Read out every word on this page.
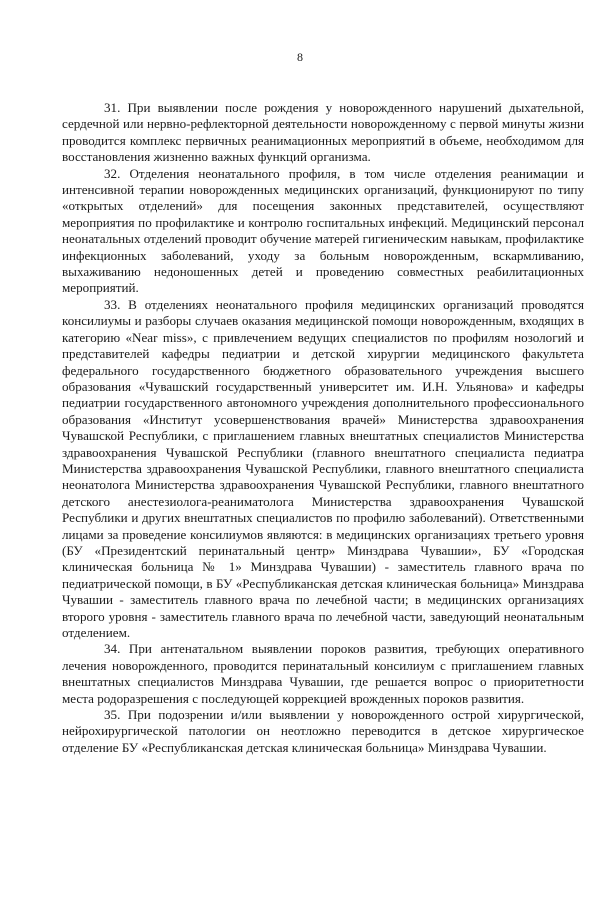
8

31. При выявлении после рождения у новорожденного нарушений дыхательной, сердечной или нервно-рефлекторной деятельности новорожденному с первой минуты жизни проводится комплекс первичных реанимационных мероприятий в объеме, необходимом для восстановления жизненно важных функций организма.

32. Отделения неонатального профиля, в том числе отделения реанимации и интенсивной терапии новорожденных медицинских организаций, функционируют по типу «открытых отделений» для посещения законных представителей, осуществляют мероприятия по профилактике и контролю госпитальных инфекций. Медицинский персонал неонатальных отделений проводит обучение матерей гигиеническим навыкам, профилактике инфекционных заболеваний, уходу за больным новорожденным, вскармливанию, выхаживанию недоношенных детей и проведению совместных реабилитационных мероприятий.

33. В отделениях неонатального профиля медицинских организаций проводятся консилиумы и разборы случаев оказания медицинской помощи новорожденным, входящих в категорию «Near miss», с привлечением ведущих специалистов по профилям нозологий и представителей кафедры педиатрии и детской хирургии медицинского факультета федерального государственного бюджетного образовательного учреждения высшего образования «Чувашский государственный университет им. И.Н. Ульянова» и кафедры педиатрии государственного автономного учреждения дополнительного профессионального образования «Институт усовершенствования врачей» Министерства здравоохранения Чувашской Республики, с приглашением главных внештатных специалистов Министерства здравоохранения Чувашской Республики (главного внештатного специалиста педиатра Министерства здравоохранения Чувашской Республики, главного внештатного специалиста неонатолога Министерства здравоохранения Чувашской Республики, главного внештатного детского анестезиолога-реаниматолога Министерства здравоохранения Чувашской Республики и других внештатных специалистов по профилю заболеваний). Ответственными лицами за проведение консилиумов являются: в медицинских организациях третьего уровня (БУ «Президентский перинатальный центр» Минздрава Чувашии», БУ «Городская клиническая больница № 1» Минздрава Чувашии) - заместитель главного врача по педиатрической помощи, в БУ «Республиканская детская клиническая больница» Минздрава Чувашии - заместитель главного врача по лечебной части; в медицинских организациях второго уровня - заместитель главного врача по лечебной части, заведующий неонатальным отделением.

34. При антенатальном выявлении пороков развития, требующих оперативного лечения новорожденного, проводится перинатальный консилиум с приглашением главных внештатных специалистов Минздрава Чувашии, где решается вопрос о приоритетности места родоразрешения с последующей коррекцией врожденных пороков развития.

35. При подозрении и/или выявлении у новорожденного острой хирургической, нейрохирургической патологии он неотложно переводится в детское хирургическое отделение БУ «Республиканская детская клиническая больница» Минздрава Чувашии.
